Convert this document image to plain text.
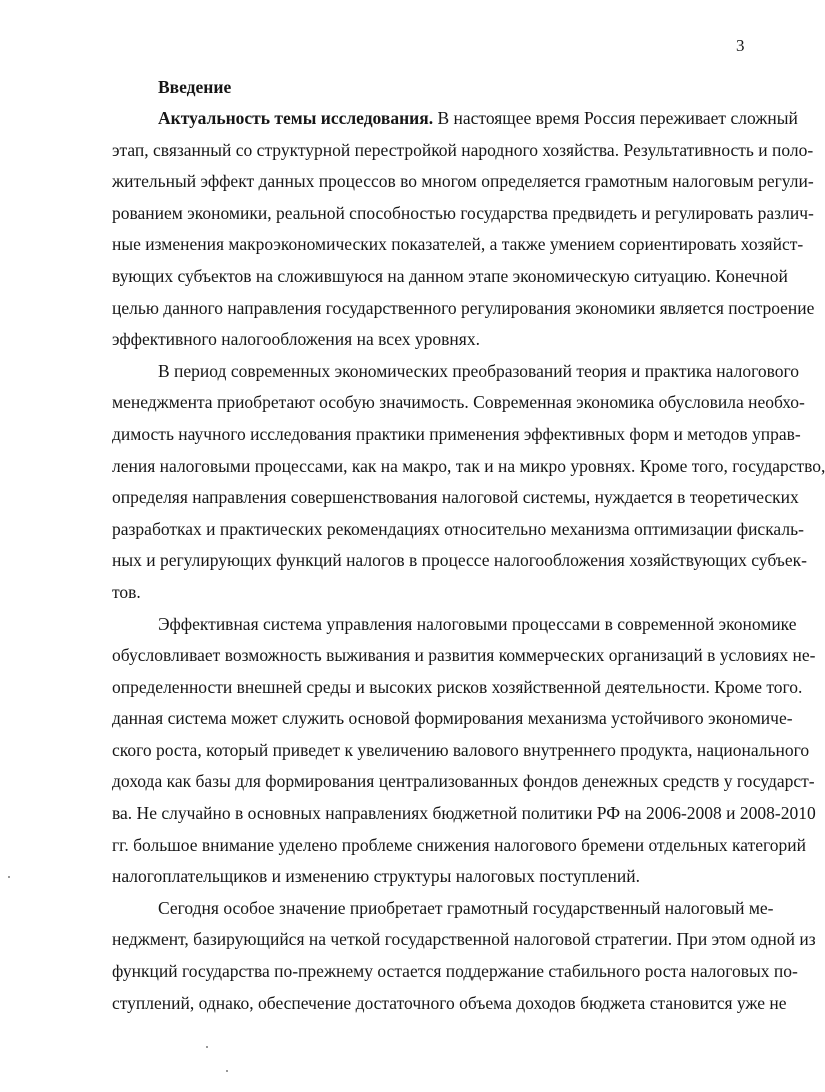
3
Введение

Актуальность темы исследования. В настоящее время Россия переживает сложный
этап, связанный со структурной перестройкой народного хозяйства. Результативность и поло-
жительный эффект данных процессов во многом определяется грамотным налоговым регули-
рованием экономики, реальной способностью государства предвидеть и регулировать различ-
ные изменения макроэкономических показателей, а также умением сориентировать хозяйст-
вующих субъектов на сложившуюся на данном этапе экономическую ситуацию. Конечной
целью данного направления государственного регулирования экономики является построение
эффективного налогообложения на всех уровнях.

В период современных экономических преобразований теория и практика налогового
менеджмента приобретают особую значимость. Современная экономика обусловила необхо-
димость научного исследования практики применения эффективных форм и методов управ-
ления налоговыми процессами, как на макро, так и на микро уровнях. Кроме того, государство,
определяя направления совершенствования налоговой системы, нуждается в теоретических
разработках и практических рекомендациях относительно механизма оптимизации фискаль-
ных и регулирующих функций налогов в процессе налогообложения хозяйствующих субъек-
тов.

Эффективная система управления налоговыми процессами в современной экономике
обусловливает возможность выживания и развития коммерческих организаций в условиях не-
определенности внешней среды и высоких рисков хозяйственной деятельности. Кроме того.
данная система может служить основой формирования механизма устойчивого экономиче-
ского роста, который приведет к увеличению валового внутреннего продукта, национального
дохода как базы для формирования централизованных фондов денежных средств у государст-
ва. Не случайно в основных направлениях бюджетной политики РФ на 2006-2008 и 2008-2010
гг. большое внимание уделено проблеме снижения налогового бремени отдельных категорий
налогоплательщиков и изменению структуры налоговых поступлений.

Сегодня особое значение приобретает грамотный государственный налоговый ме-
неджмент, базирующийся на четкой государственной налоговой стратегии. При этом одной из
функций государства по-прежнему остается поддержание стабильного роста налоговых по-
ступлений, однако, обеспечение достаточного объема доходов бюджета становится уже не
